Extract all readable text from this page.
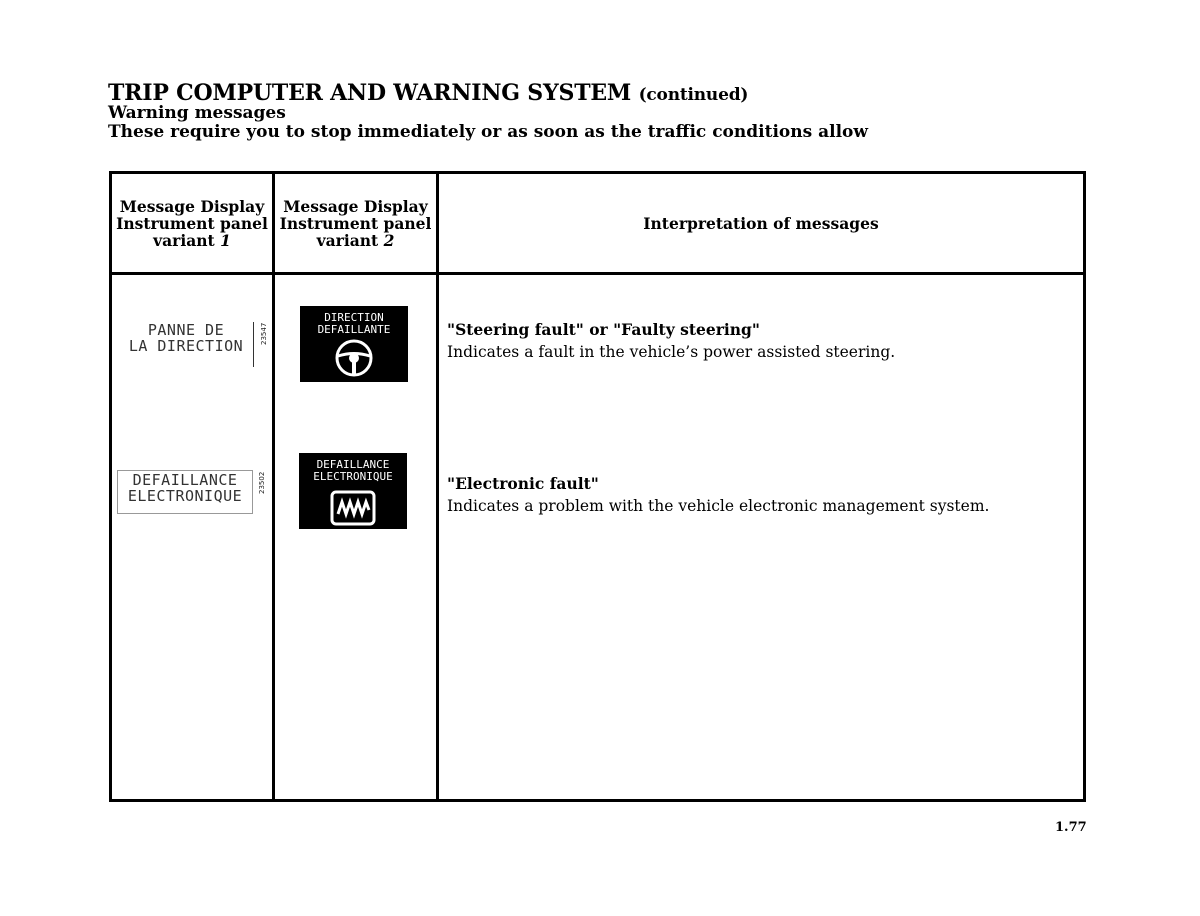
TRIP COMPUTER AND WARNING SYSTEM (continued)
Warning messages
These require you to stop immediately or as soon as the traffic conditions allow
Message Display
Instrument panel
variant 1
Message Display
Instrument panel
variant 2
Interpretation of messages
PANNE DE
LA DIRECTION
23547
DIRECTION
DEFAILLANTE	"Steering fault" or "Faulty steering"
Indicates a fault in the vehicle’s power assisted steering.
DEFAILLANCE
ELECTRONIQUE
23502
DEFAILLANCE
ELECTRONIQUE	"Electronic fault"
Indicates a problem with the vehicle electronic management system.
1.77
